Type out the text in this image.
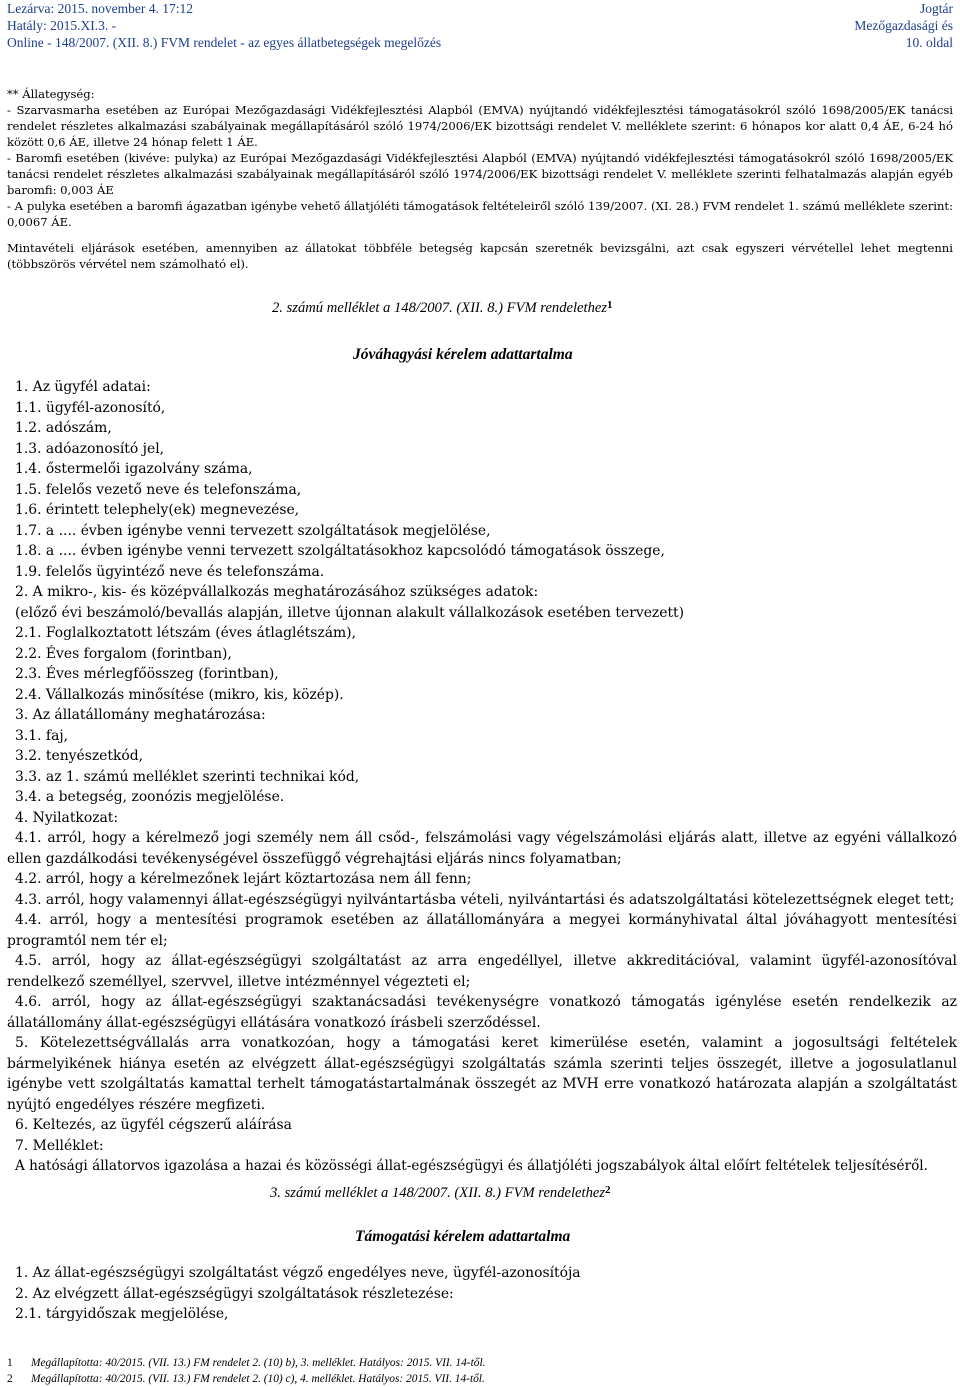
Lezárva: 2015. november 4. 17:12
Hatály: 2015.XI.3. -
Online - 148/2007. (XII. 8.) FVM rendelet - az egyes állatbetegségek megelőzés
Jogtár
Mezőgazdasági és
10. oldal

** Állategység:

- Szarvasmarha esetében az Európai Mezőgazdasági Vidékfejlesztési Alapból (EMVA) nyújtandó vidékfejlesztési támogatásokról szóló 1698/2005/EK tanácsi rendelet részletes alkalmazási szabályainak megállapításáról szóló 1974/2006/EK bizottsági rendelet V. melléklete szerint: 6 hónapos kor alatt 0,4 ÁE, 6-24 hó között 0,6 ÁE, illetve 24 hónap felett 1 ÁE.

- Baromfi esetében (kivéve: pulyka) az Európai Mezőgazdasági Vidékfejlesztési Alapból (EMVA) nyújtandó vidékfejlesztési támogatásokról szóló 1698/2005/EK tanácsi rendelet részletes alkalmazási szabályainak megállapításáról szóló 1974/2006/EK bizottsági rendelet V. melléklete szerinti felhatalmazás alapján egyéb baromfi: 0,003 ÁE

- A pulyka esetében a baromfi ágazatban igénybe vehető állatjóléti támogatások feltételeiről szóló 139/2007. (XI. 28.) FVM rendelet 1. számú melléklete szerint: 0,0067 ÁE.

Mintavételi eljárások esetében, amennyiben az állatokat többféle betegség kapcsán szeretnék bevizsgálni, azt csak egyszeri vérvétellel lehet megtenni (többszörös vérvétel nem számolható el).

2. számú melléklet a 148/2007. (XII. 8.) FVM rendelethez$^1$
Jóváhagyási kérelem adattartalma
1. Az ügyfél adatai:
1.1. ügyfél-azonosító,
1.2. adószám,
1.3. adóazonosító jel,
1.4. őstermelői igazolvány száma,
1.5. felelős vezető neve és telefonszáma,
1.6. érintett telephely(ek) megnevezése,
1.7. a .... évben igénybe venni tervezett szolgáltatások megjelölése,
1.8. a .... évben igénybe venni tervezett szolgáltatásokhoz kapcsolódó támogatások összege,
1.9. felelős ügyintéző neve és telefonszáma.
2. A mikro-, kis- és középvállalkozás meghatározásához szükséges adatok:
(előző évi beszámoló/bevallás alapján, illetve újonnan alakult vállalkozások esetében tervezett)
2.1. Foglalkoztatott létszám (éves átlaglétszám),
2.2. Éves forgalom (forintban),
2.3. Éves mérlegfőösszeg (forintban),
2.4. Vállalkozás minősítése (mikro, kis, közép).
3. Az állatállomány meghatározása:
3.1. faj,
3.2. tenyészetkód,
3.3. az 1. számú melléklet szerinti technikai kód,
3.4. a betegség, zoonózis megjelölése.
4. Nyilatkozat:
4.1. arról, hogy a kérelmező jogi személy nem áll csőd-, felszámolási vagy végelszámolási eljárás alatt, illetve az egyéni vállalkozó ellen gazdálkodási tevékenységével összefüggő végrehajtási eljárás nincs folyamatban;
4.2. arról, hogy a kérelmezőnek lejárt köztartozása nem áll fenn;
4.3. arról, hogy valamennyi állat-egészségügyi nyilvántartásba vételi, nyilvántartási és adatszolgáltatási kötelezettségnek eleget tett;
4.4. arról, hogy a mentesítési programok esetében az állatállományára a megyei kormányhivatal által jóváhagyott mentesítési programtól nem tér el;
4.5. arról, hogy az állat-egészségügyi szolgáltatást az arra engedéllyel, illetve akkreditációval, valamint ügyfél-azonosítóval rendelkező személlyel, szervvel, illetve intézménnyel végezteti el;
4.6. arról, hogy az állat-egészségügyi szaktanácsadási tevékenységre vonatkozó támogatás igénylése esetén rendelkezik az állatállomány állat-egészségügyi ellátására vonatkozó írásbeli szerződéssel.
5. Kötelezettségvállalás arra vonatkozóan, hogy a támogatási keret kimerülése esetén, valamint a jogosultsági feltételek bármelyikének hiánya esetén az elvégzett állat-egészségügyi szolgáltatás számla szerinti teljes összegét, illetve a jogosulatlanul igénybe vett szolgáltatás kamattal terhelt támogatástartalmának összegét az MVH erre vonatkozó határozata alapján a szolgáltatást nyújtó engedélyes részére megfizeti.
6. Keltezés, az ügyfél cégszerű aláírása
7. Melléklet:
A hatósági állatorvos igazolása a hazai és közösségi állat-egészségügyi és állatjóléti jogszabályok által előírt feltételek teljesítéséről.
3. számú melléklet a 148/2007. (XII. 8.) FVM rendelethez$^2$
Támogatási kérelem adattartalma
1. Az állat-egészségügyi szolgáltatást végző engedélyes neve, ügyfél-azonosítója
2. Az elvégzett állat-egészségügyi szolgáltatások részletezése:
2.1. tárgyidőszak megjelölése,
1 Megállapította: 40/2015. (VII. 13.) FM rendelet 2. (10) b), 3. melléklet. Hatályos: 2015. VII. 14-től.
2 Megállapította: 40/2015. (VII. 13.) FM rendelet 2. (10) c), 4. melléklet. Hatályos: 2015. VII. 14-től.
